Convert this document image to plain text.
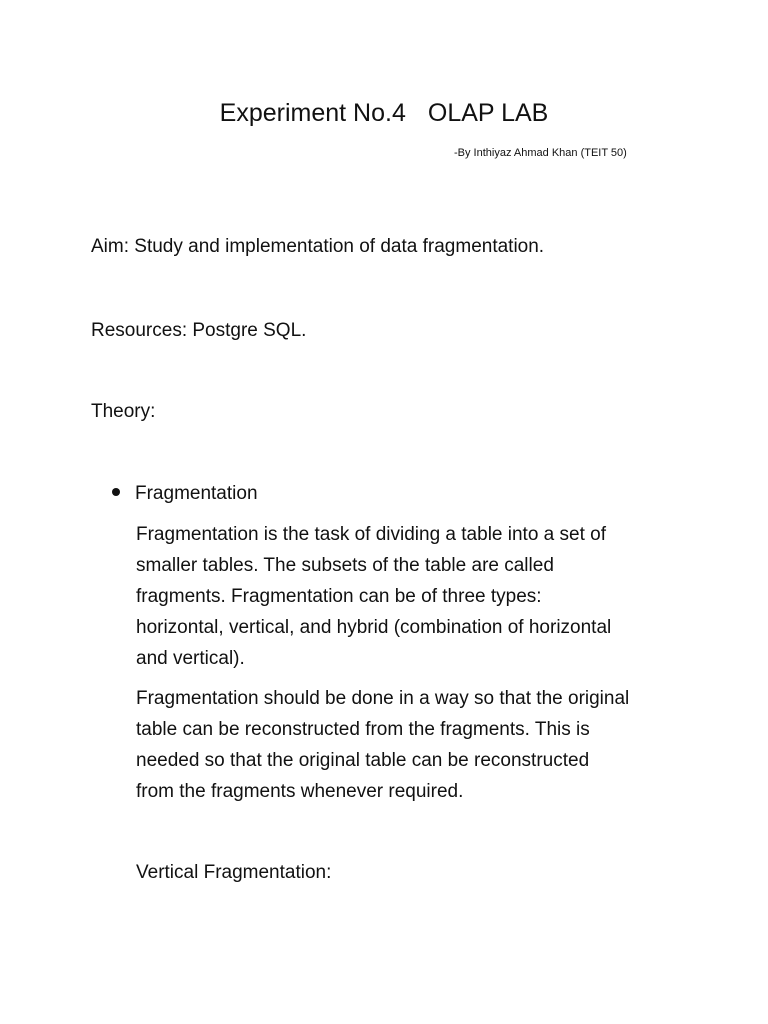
Experiment No.4 OLAP LAB
-By Inthiyaz Ahmad Khan (TEIT 50)
Aim: Study and implementation of data fragmentation.
Resources: Postgre SQL.
Theory:
Fragmentation
Fragmentation is the task of dividing a table into a set of
smaller tables. The subsets of the table are called
fragments. Fragmentation can be of three types:
horizontal, vertical, and hybrid (combination of horizontal
and vertical).
Fragmentation should be done in a way so that the original
table can be reconstructed from the fragments. This is
needed so that the original table can be reconstructed
from the fragments whenever required.
Vertical Fragmentation:
